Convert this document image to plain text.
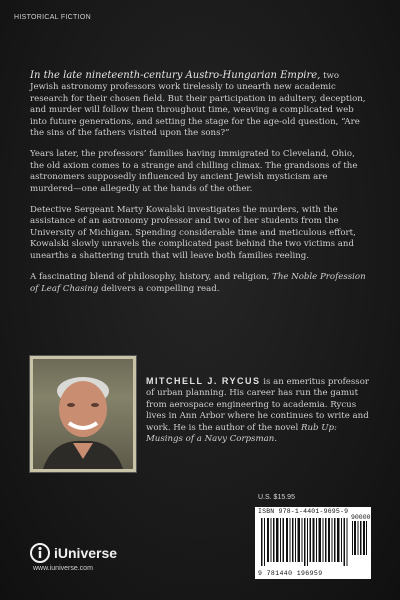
HISTORICAL FICTION

In the late nineteenth-century Austro-Hungarian Empire, two Jewish astronomy professors work tirelessly to unearth new academic research for their chosen field. But their participation in adultery, deception, and murder will follow them throughout time, weaving a complicated web into future generations, and setting the stage for the age-old question, “Are the sins of the fathers visited upon the sons?”

Years later, the professors’ families having immigrated to Cleveland, Ohio, the old axiom comes to a strange and chilling climax. The grandsons of the astronomers supposedly influenced by ancient Jewish mysticism are murdered—one allegedly at the hands of the other.

Detective Sergeant Marty Kowalski investigates the murders, with the assistance of an astronomy professor and two of her students from the University of Michigan. Spending considerable time and meticulous effort, Kowalski slowly unravels the complicated past behind the two victims and unearths a shattering truth that will leave both families reeling.

A fascinating blend of philosophy, history, and religion, The Noble Profession of Leaf Chasing delivers a compelling read.

MITCHELL J. RYCUS is an emeritus professor of urban planning. His career has run the gamut from aerospace engineering to academia. Rycus lives in Ann Arbor where he continues to write and work. He is the author of the novel Rub Up: Musings of a Navy Corpsman.
U.S. $15.95
ISBN 978-1-4401-9695-9
90000
9 781440 196959
iUniverse
www.iuniverse.com
